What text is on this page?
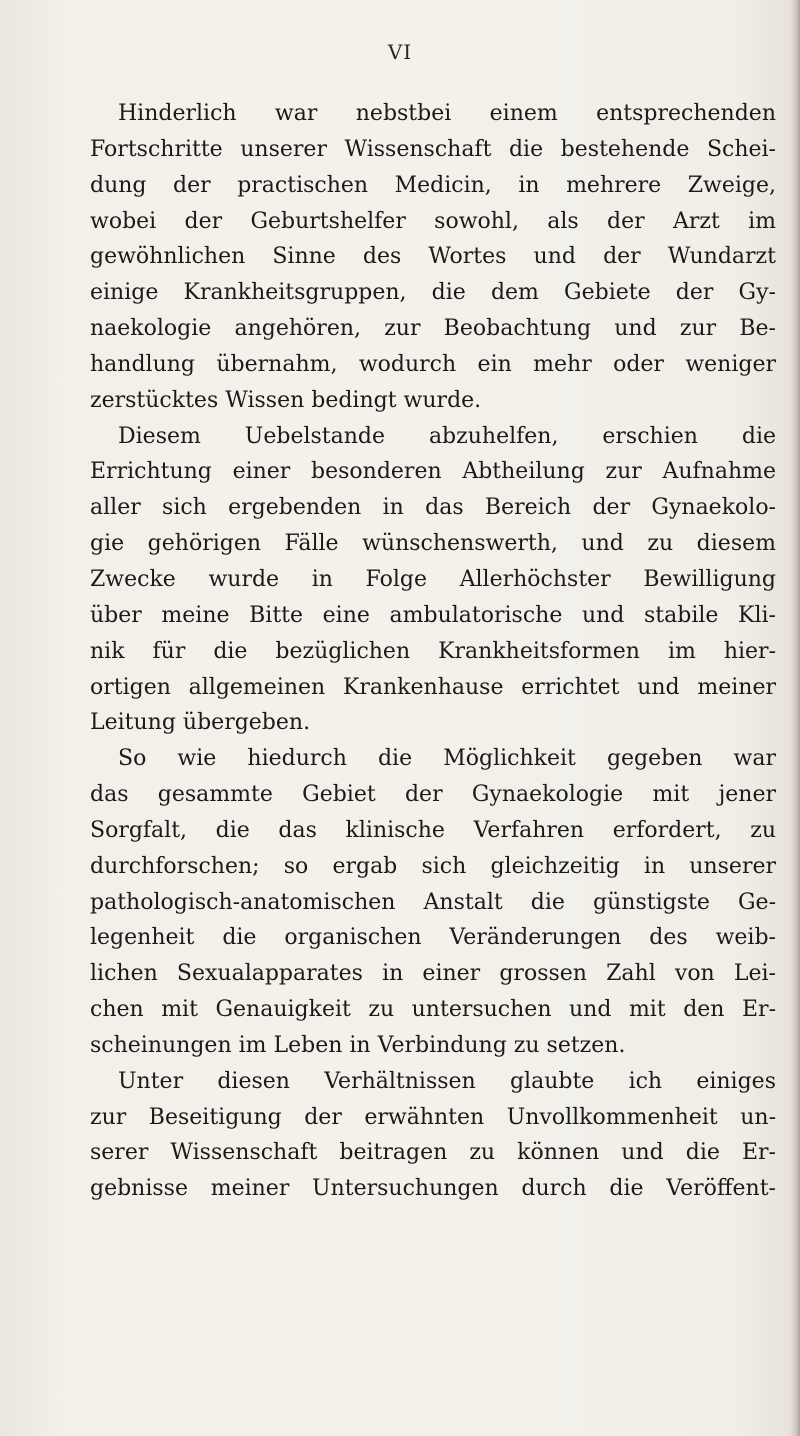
VI
Hinderlich war nebstbei einem entsprechenden
Fortschritte unserer Wissenschaft die bestehende Schei-
dung der practischen Medicin, in mehrere Zweige,
wobei der Geburtshelfer sowohl, als der Arzt im
gewöhnlichen Sinne des Wortes und der Wundarzt
einige Krankheitsgruppen, die dem Gebiete der Gy-
naekologie angehören, zur Beobachtung und zur Be-
handlung übernahm, wodurch ein mehr oder weniger
zerstücktes Wissen bedingt wurde.
Diesem Uebelstande abzuhelfen, erschien die
Errichtung einer besonderen Abtheilung zur Aufnahme
aller sich ergebenden in das Bereich der Gynaekolo-
gie gehörigen Fälle wünschenswerth, und zu diesem
Zwecke wurde in Folge Allerhöchster Bewilligung
über meine Bitte eine ambulatorische und stabile Kli-
nik für die bezüglichen Krankheitsformen im hier-
ortigen allgemeinen Krankenhause errichtet und meiner
Leitung übergeben.
So wie hiedurch die Möglichkeit gegeben war
das gesammte Gebiet der Gynaekologie mit jener
Sorgfalt, die das klinische Verfahren erfordert, zu
durchforschen; so ergab sich gleichzeitig in unserer
pathologisch-anatomischen Anstalt die günstigste Ge-
legenheit die organischen Veränderungen des weib-
lichen Sexualapparates in einer grossen Zahl von Lei-
chen mit Genauigkeit zu untersuchen und mit den Er-
scheinungen im Leben in Verbindung zu setzen.
Unter diesen Verhältnissen glaubte ich einiges
zur Beseitigung der erwähnten Unvollkommenheit un-
serer Wissenschaft beitragen zu können und die Er-
gebnisse meiner Untersuchungen durch die Veröffent-
